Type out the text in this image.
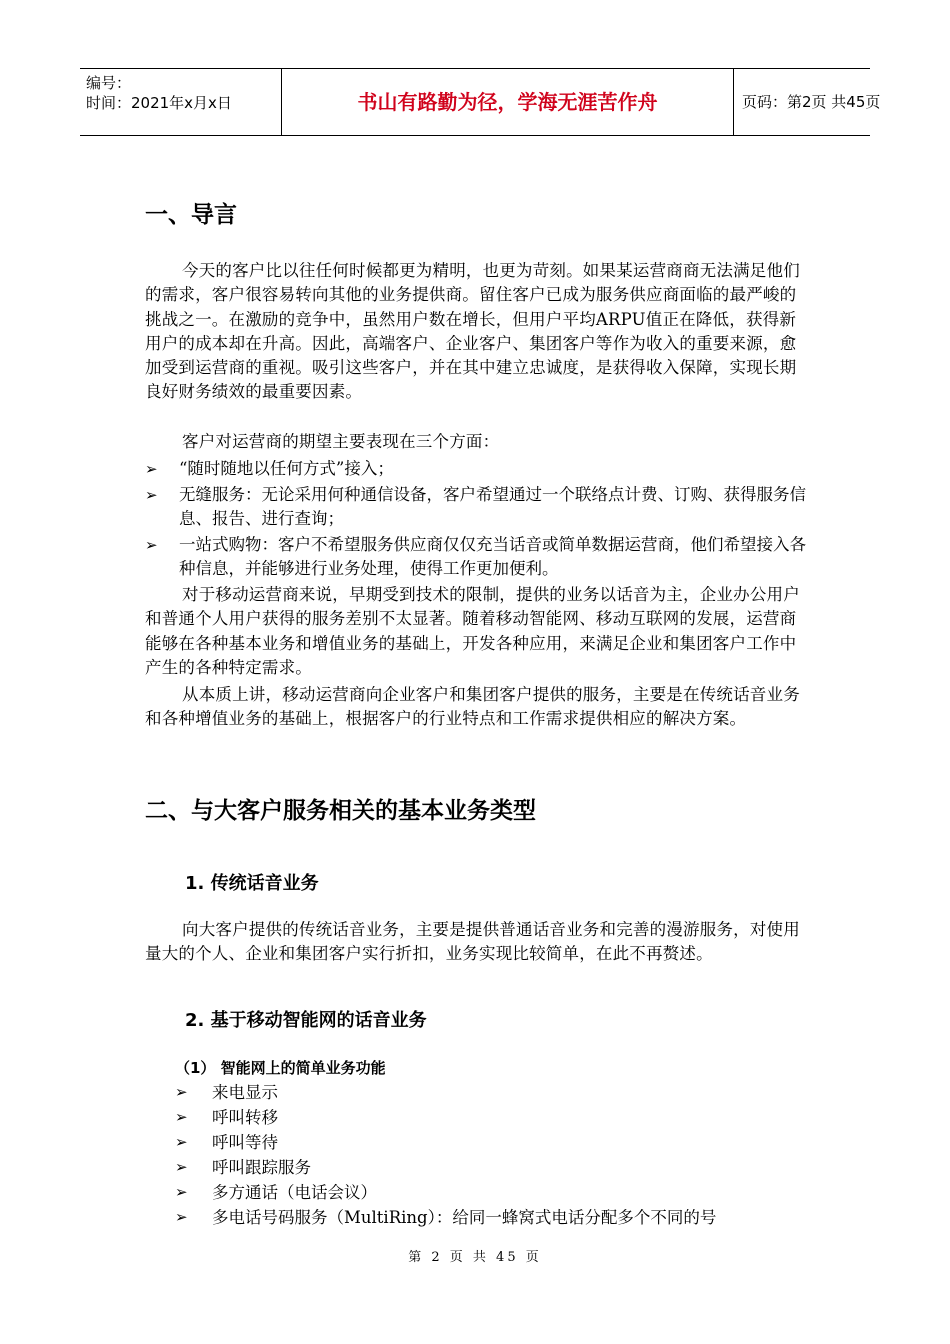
编号：
时间：2021年x月x日	书山有路勤为径，学海无涯苦作舟	页码：第2页 共45页
一、导言
今天的客户比以往任何时候都更为精明，也更为苛刻。如果某运营商商无法满足他们的需求，客户很容易转向其他的业务提供商。留住客户已成为服务供应商面临的最严峻的挑战之一。在激励的竞争中，虽然用户数在增长，但用户平均ARPU值正在降低，获得新用户的成本却在升高。因此，高端客户、企业客户、集团客户等作为收入的重要来源，愈加受到运营商的重视。吸引这些客户，并在其中建立忠诚度，是获得收入保障，实现长期良好财务绩效的最重要因素。
客户对运营商的期望主要表现在三个方面：
➢ “随时随地以任何方式”接入；
➢ 无缝服务：无论采用何种通信设备，客户希望通过一个联络点计费、订购、获得服务信息、报告、进行查询；
➢ 一站式购物：客户不希望服务供应商仅仅充当话音或简单数据运营商，他们希望接入各种信息，并能够进行业务处理，使得工作更加便利。
对于移动运营商来说，早期受到技术的限制，提供的业务以话音为主，企业办公用户和普通个人用户获得的服务差别不太显著。随着移动智能网、移动互联网的发展，运营商能够在各种基本业务和增值业务的基础上，开发各种应用，来满足企业和集团客户工作中产生的各种特定需求。
从本质上讲，移动运营商向企业客户和集团客户提供的服务，主要是在传统话音业务和各种增值业务的基础上，根据客户的行业特点和工作需求提供相应的解决方案。
二、与大客户服务相关的基本业务类型
1. 传统话音业务
向大客户提供的传统话音业务，主要是提供普通话音业务和完善的漫游服务，对使用量大的个人、企业和集团客户实行折扣，业务实现比较简单，在此不再赘述。
2. 基于移动智能网的话音业务
（1） 智能网上的简单业务功能
➢ 来电显示
➢ 呼叫转移
➢ 呼叫等待
➢ 呼叫跟踪服务
➢ 多方通话（电话会议）
➢ 多电话号码服务（MultiRing）：给同一蜂窝式电话分配多个不同的号
第 2 页 共 45 页
